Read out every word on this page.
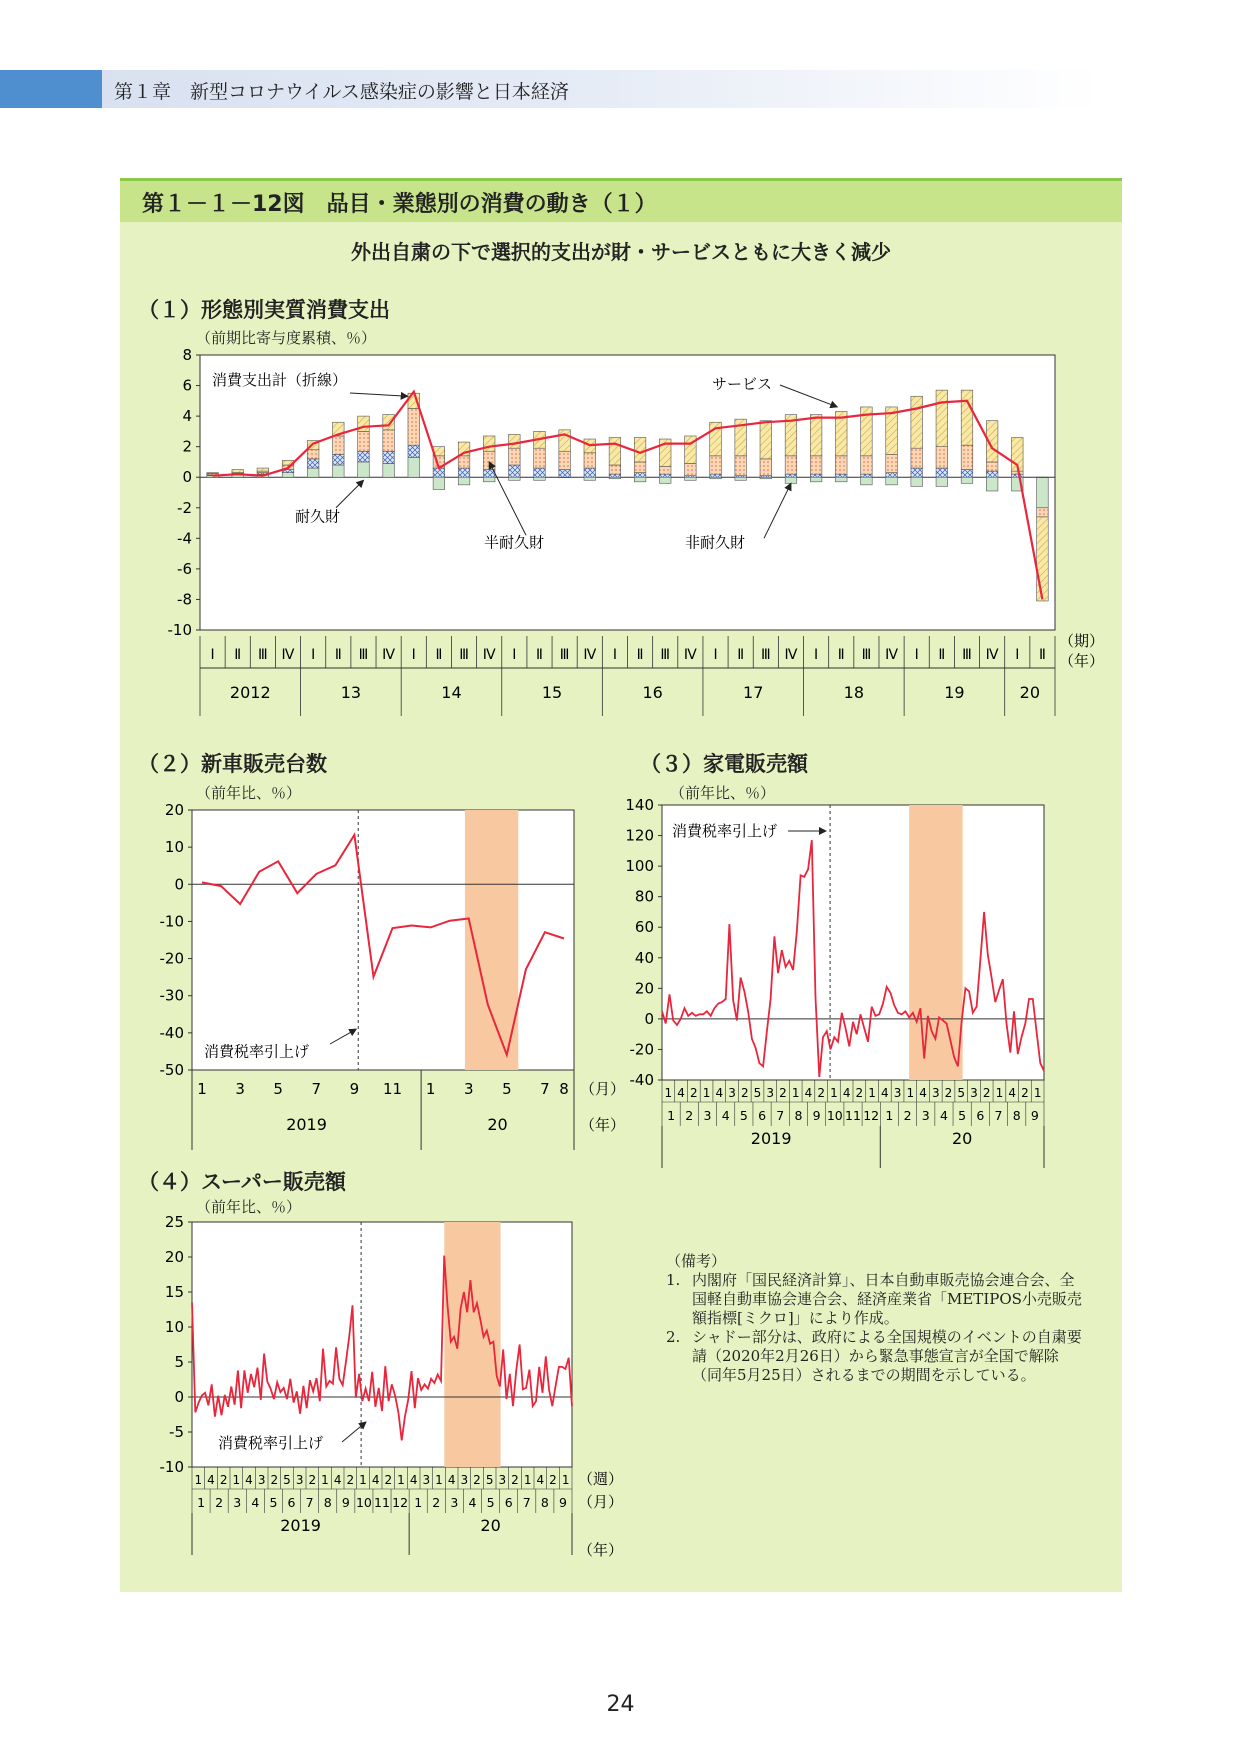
第１章　新型コロナウイルス感染症の影響と日本経済
第１－１－12図　品目・業態別の消費の動き（１）
外出自粛の下で選択的支出が財・サービスともに大きく減少
（１）形態別実質消費支出
（前期比寄与度累積、％）
8
6
4
2
0
-2
-4
-6
-8
-10
Ⅰ Ⅱ Ⅲ Ⅳ Ⅰ Ⅱ Ⅲ Ⅳ Ⅰ Ⅱ Ⅲ Ⅳ Ⅰ Ⅱ Ⅲ Ⅳ Ⅰ Ⅱ Ⅲ Ⅳ Ⅰ Ⅱ Ⅲ Ⅳ Ⅰ Ⅱ Ⅲ Ⅳ Ⅰ Ⅱ Ⅲ Ⅳ Ⅰ Ⅱ
2012	13	14	15	16	17	18	19	20
（期）
（年）
消費支出計（折線）	サービス
耐久財
半耐久財	非耐久財
（２）新車販売台数
（前年比、％）
20
10
0
-10
-20
-30
-40
-50
1 3 5 7 9 11 1 3 5 7 8 （月）
2019	20	（年）
消費税率引上げ
（３）家電販売額
（前年比、％）
140
120
100
80
60
40
20
0
-20
-40
1 4 2 1 4 3 2 5 3 2 1 4 2 1 4 2 1 4 3 1 4 3 2 5 3 2 1 4 2 1
1 2 3 4 5 6 7 8 9 10 11 12 1 2 3 4 5 6 7 8 9
2019	20
消費税率引上げ
（４）スーパー販売額
（前年比、％）
25
20
15
10
5
0
-5
-10
1 4 2 1 4 3 2 5 3 2 1 4 2 1 4 2 1 4 3 1 4 3 2 5 3 2 1 4 2 1
1 2 3 4 5 6 7 8 9 10 11 12 1 2 3 4 5 6 7 8 9
2019	20
（週）
（月）
（年）
消費税率引上げ
（備考）
1. 内閣府「国民経済計算」、日本自動車販売協会連合会、全国軽自動車協会連合会、経済産業省「METIPOS小売販売額指標[ミクロ]」により作成。
2. シャドー部分は、政府による全国規模のイベントの自粛要請（2020年2月26日）から緊急事態宣言が全国で解除（同年5月25日）されるまでの期間を示している。
24
